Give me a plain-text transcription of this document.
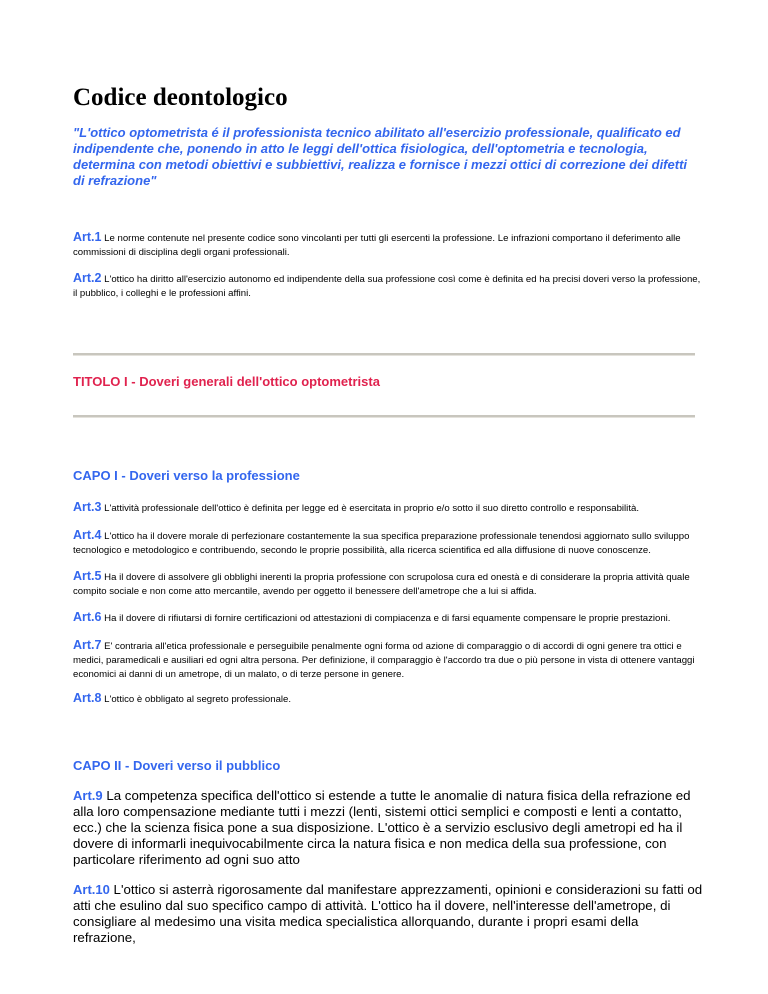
Codice deontologico
"L'ottico optometrista é il professionista tecnico abilitato all'esercizio professionale, qualificato ed indipendente che, ponendo in atto le leggi dell'ottica fisiologica, dell'optometria e tecnologia, determina con metodi obiettivi e subbiettivi, realizza e fornisce i mezzi ottici di correzione dei difetti di refrazione"
Art.1 Le norme contenute nel presente codice sono vincolanti per tutti gli esercenti la professione. Le infrazioni comportano il deferimento alle commissioni di disciplina degli organi professionali.
Art.2 L'ottico ha diritto all'esercizio autonomo ed indipendente della sua professione così come è definita ed ha precisi doveri verso la professione, il pubblico, i colleghi e le professioni affini.
TITOLO I - Doveri generali dell'ottico optometrista
CAPO I - Doveri verso la professione
Art.3 L'attività professionale dell'ottico è definita per legge ed è esercitata in proprio e/o sotto il suo diretto controllo e responsabilità.
Art.4 L'ottico ha il dovere morale di perfezionare costantemente la sua specifica preparazione professionale tenendosi aggiornato sullo sviluppo tecnologico e metodologico e contribuendo, secondo le proprie possibilità, alla ricerca scientifica ed alla diffusione di nuove conoscenze.
Art.5 Ha il dovere di assolvere gli obblighi inerenti la propria professione con scrupolosa cura ed onestà e di considerare la propria attività quale compito sociale e non come atto mercantile, avendo per oggetto il benessere dell'ametrope che a lui si affida.
Art.6 Ha il dovere di rifiutarsi di fornire certificazioni od attestazioni di compiacenza e di farsi equamente compensare le proprie prestazioni.
Art.7 E' contraria all'etica professionale e perseguibile penalmente ogni forma od azione di comparaggio o di accordi di ogni genere tra ottici e medici, paramedicali e ausiliari ed ogni altra persona. Per definizione, il comparaggio è l'accordo tra due o più persone in vista di ottenere vantaggi economici ai danni di un ametrope, di un malato, o di terze persone in genere.
Art.8 L'ottico è obbligato al segreto professionale.
CAPO II - Doveri verso il pubblico
Art.9 La competenza specifica dell'ottico si estende a tutte le anomalie di natura fisica della refrazione ed alla loro compensazione mediante tutti i mezzi (lenti, sistemi ottici semplici e composti e lenti a contatto, ecc.) che la scienza fisica pone a sua disposizione. L'ottico è a servizio esclusivo degli ametropi ed ha il dovere di informarli inequivocabilmente circa la natura fisica e non medica della sua professione, con particolare riferimento ad ogni suo atto
Art.10 L'ottico si asterrà rigorosamente dal manifestare apprezzamenti, opinioni e considerazioni su fatti od atti che esulino dal suo specifico campo di attività. L'ottico ha il dovere, nell'interesse dell'ametrope, di consigliare al medesimo una visita medica specialistica allorquando, durante i propri esami della refrazione,
